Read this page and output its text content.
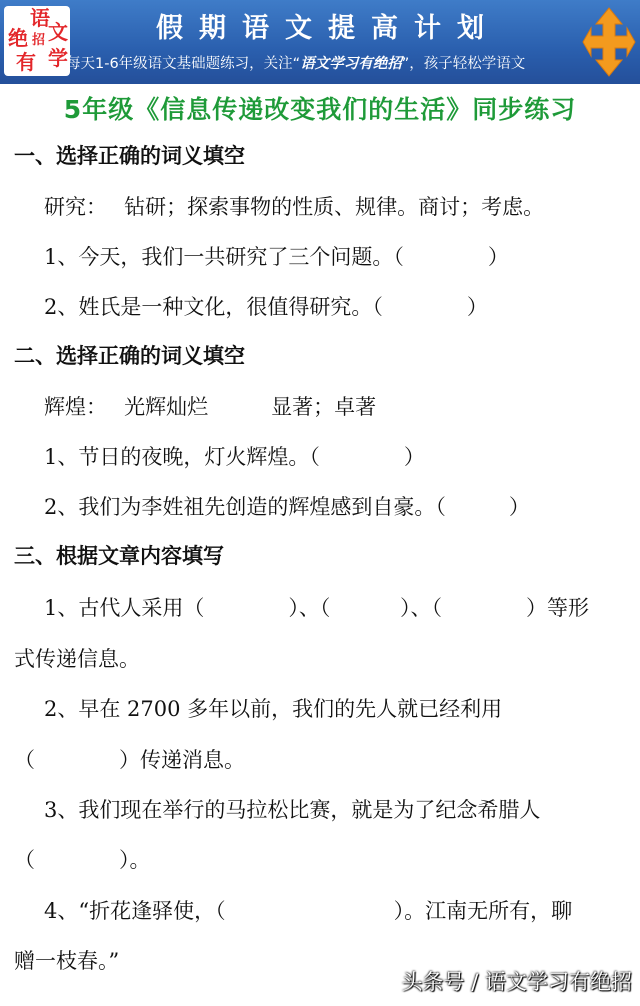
语
文
绝 招
学
有
假期语文提高计划
每天1-6年级语文基础题练习，关注“语文学习有绝招”，孩子轻松学语文
5年级《信息传递改变我们的生活》同步练习
一、选择正确的词义填空
研究：　 钻研；探索事物的性质、规律。商讨；考虑。
1、今天，我们一共研究了三个问题。（　　　　）
2、姓氏是一种文化，很值得研究。（　　　　）
二、选择正确的词义填空
辉煌：　 光辉灿烂　　　显著；卓著
1、节日的夜晚，灯火辉煌。（　　　　）
2、我们为李姓祖先创造的辉煌感到自豪。（　　　）
三、根据文章内容填写
1、古代人采用（　　　　）、（　　　 ）、（　　　　）等形
式传递信息。
2、早在 2700 多年以前，我们的先人就已经利用
（　　　　）传递消息。
3、我们现在举行的马拉松比赛，就是为了纪念希腊人
（　　　　）。
4、“折花逢驿使，（　　　　　　　　）。江南无所有，聊
赠一枝春。”
头条号 / 语文学习有绝招
